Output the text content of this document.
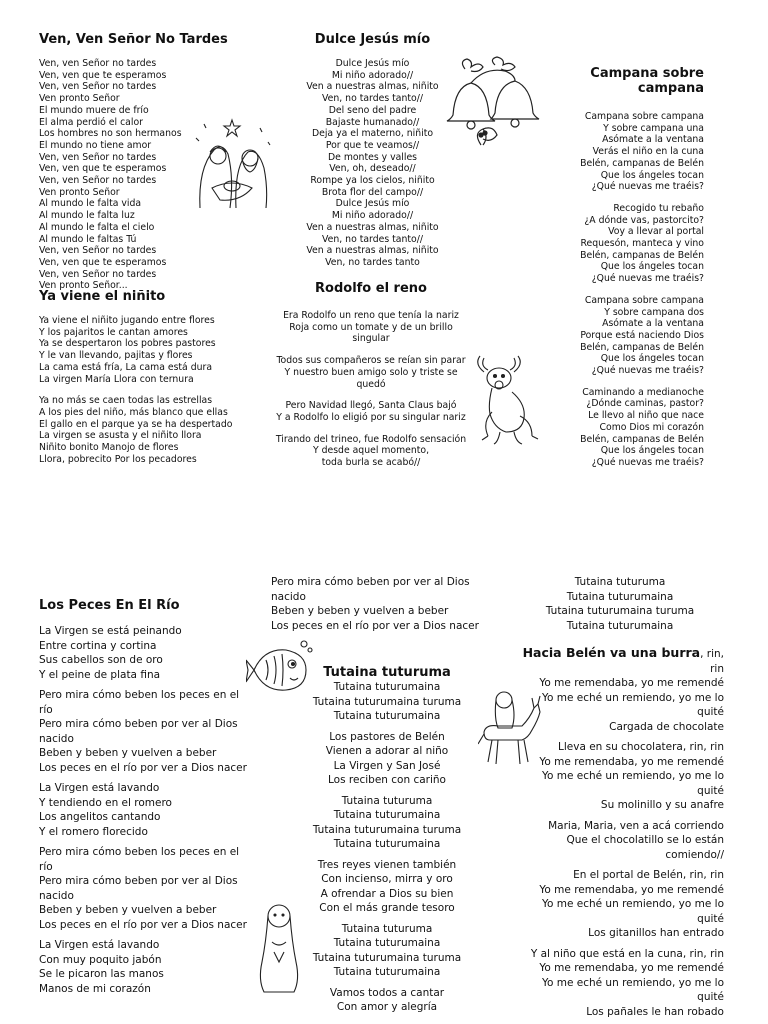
Ven, Ven Señor No Tardes
Ven, ven Señor no tardes
Ven, ven que te esperamos
Ven, ven Señor no tardes
Ven pronto Señor
El mundo muere de frío
El alma perdió el calor
Los hombres no son hermanos
El mundo no tiene amor
Ven, ven Señor no tardes
Ven, ven que te esperamos
Ven, ven Señor no tardes
Ven pronto Señor
Al mundo le falta vida
Al mundo le falta luz
Al mundo le falta el cielo
Al mundo le faltas Tú
Ven, ven Señor no tardes
Ven, ven que te esperamos
Ven, ven Señor no tardes
Ven pronto Señor...
Ya viene el niñito
Ya viene el niñito jugando entre flores
Y los pajaritos le cantan amores
Ya se despertaron los pobres pastores
Y le van llevando, pajitas y flores
La cama está fría, La cama está dura
La virgen María Llora con ternura
Ya no más se caen todas las estrellas
A los pies del niño, más blanco que ellas
El gallo en el parque ya se ha despertado
La virgen se asusta y el niñito llora
Niñito bonito Manojo de flores
Llora, pobrecito Por los pecadores
Dulce Jesús mío
Dulce Jesús mío
Mi niño adorado//
Ven a nuestras almas, niñito
Ven, no tardes tanto//
Del seno del padre
Bajaste humanado//
Deja ya el materno, niñito
Por que te veamos//
De montes y valles
Ven, oh, deseado//
Rompe ya los cielos, niñito
Brota flor del campo//
Dulce Jesús mío
Mi niño adorado//
Ven a nuestras almas, niñito
Ven, no tardes tanto//
Ven a nuestras almas, niñito
Ven, no tardes tanto
Rodolfo el reno
Era Rodolfo un reno que tenía la nariz
Roja como un tomate y de un brillo singular
Todos sus compañeros se reían sin parar
Y nuestro buen amigo solo y triste se quedó
Pero Navidad llegó, Santa Claus bajó
Y a Rodolfo lo eligió por su singular nariz
Tirando del trineo, fue Rodolfo sensación
Y desde aquel momento,
toda burla se acabó//
Campana sobre campana
Campana sobre campana
Y sobre campana una
Asómate a la ventana
Verás el niño en la cuna
Belén, campanas de Belén
Que los ángeles tocan
¿Qué nuevas me traéis?
Recogido tu rebaño
¿A dónde vas, pastorcito?
Voy a llevar al portal
Requesón, manteca y vino
Belén, campanas de Belén
Que los ángeles tocan
¿Qué nuevas me traéis?
Campana sobre campana
Y sobre campana dos
Asómate a la ventana
Porque está naciendo Dios
Belén, campanas de Belén
Que los ángeles tocan
¿Qué nuevas me traéis?
Caminando a medianoche
¿Dónde caminas, pastor?
Le llevo al niño que nace
Como Dios mi corazón
Belén, campanas de Belén
Que los ángeles tocan
¿Qué nuevas me traéis?
Los Peces En El Río
La Virgen se está peinando
Entre cortina y cortina
Sus cabellos son de oro
Y el peine de plata fina
Pero mira cómo beben los peces en el río
Pero mira cómo beben por ver al Dios nacido
Beben y beben y vuelven a beber
Los peces en el río por ver a Dios nacer
La Virgen está lavando
Y tendiendo en el romero
Los angelitos cantando
Y el romero florecido
Pero mira cómo beben los peces en el río
Pero mira cómo beben por ver al Dios nacido
Beben y beben y vuelven a beber
Los peces en el río por ver a Dios nacer
La Virgen está lavando
Con muy poquito jabón
Se le picaron las manos
Manos de mi corazón
Pero mira cómo beben por ver al Dios nacido
Beben y beben y vuelven a beber
Los peces en el río por ver a Dios nacer
Tutaina tuturuma
Tutaina tuturumaina
Tutaina tuturumaina turuma
Tutaina tuturumaina
Los pastores de Belén
Vienen a adorar al niño
La Virgen y San José
Los reciben con cariño
Tutaina tuturuma
Tutaina tuturumaina
Tutaina tuturumaina turuma
Tutaina tuturumaina
Tres reyes vienen también
Con incienso, mirra y oro
A ofrendar a Dios su bien
Con el más grande tesoro
Tutaina tuturuma
Tutaina tuturumaina
Tutaina tuturumaina turuma
Tutaina tuturumaina
Vamos todos a cantar
Con amor y alegría
Tutaina tuturuma
Tutaina tuturumaina
Tutaina tuturumaina turuma
Tutaina tuturumaina
Hacia Belén va una burra, rin,
rin
Yo me remendaba, yo me remendé
Yo me eché un remiendo, yo me lo quité
Cargada de chocolate
Lleva en su chocolatera, rin, rin
Yo me remendaba, yo me remendé
Yo me eché un remiendo, yo me lo quité
Su molinillo y su anafre
Maria, Maria, ven a acá corriendo
Que el chocolatillo se lo están comiendo//
En el portal de Belén, rin, rin
Yo me remendaba, yo me remendé
Yo me eché un remiendo, yo me lo quité
Los gitanillos han entrado
Y al niño que está en la cuna, rin, rin
Yo me remendaba, yo me remendé
Yo me eché un remiendo, yo me lo quité
Los pañales le han robado
